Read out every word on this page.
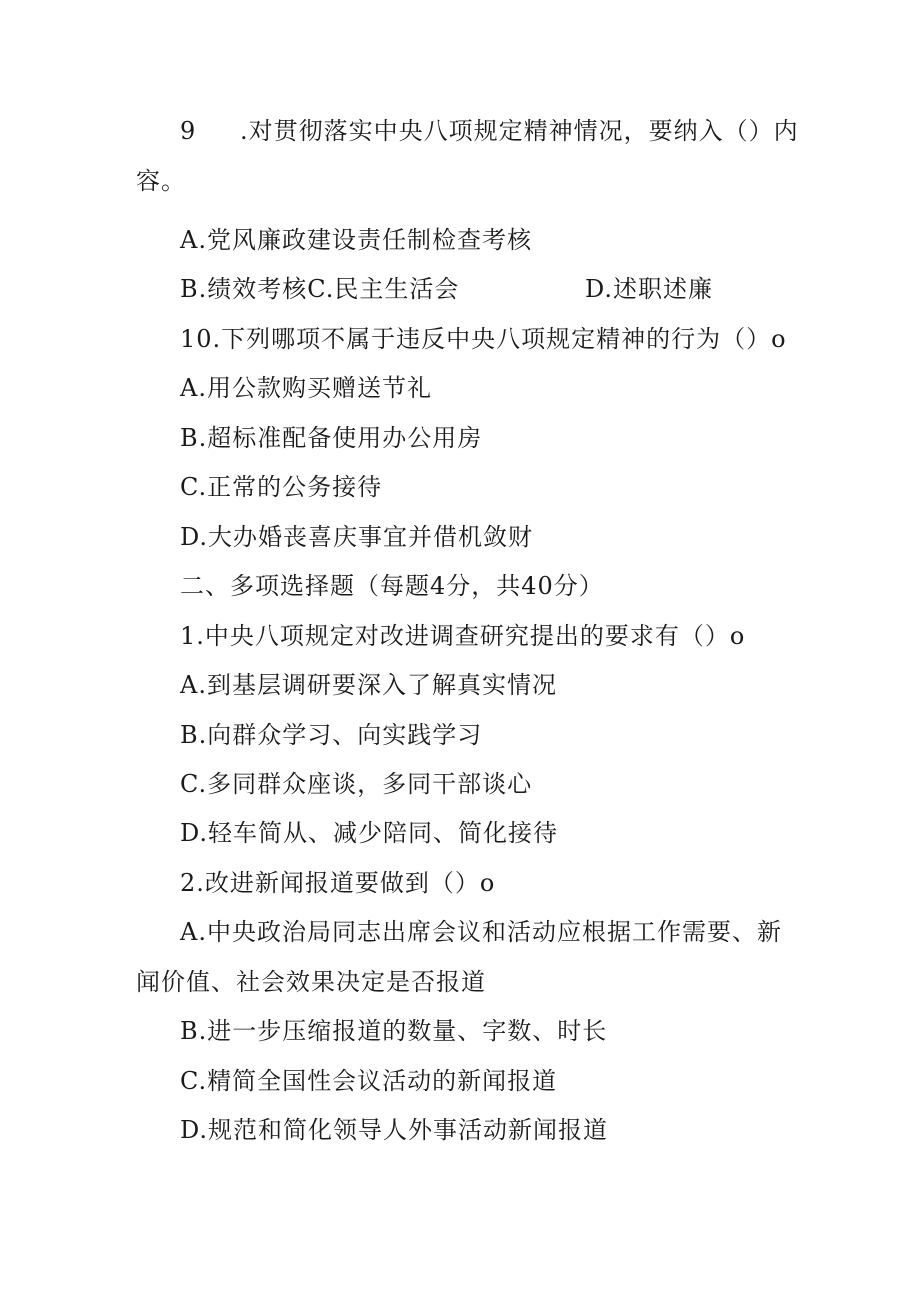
9 .对贯彻落实中央八项规定精神情况，要纳入（）内
容。
A.党风廉政建设责任制检查考核
B.绩效考核C.民主生活会	D.述职述廉
10.下列哪项不属于违反中央八项规定精神的行为（）o
A.用公款购买赠送节礼
B.超标准配备使用办公用房
C.正常的公务接待
D.大办婚丧喜庆事宜并借机敛财
二、多项选择题（每题4分，共40分）
1.中央八项规定对改进调查研究提出的要求有（）o
A.到基层调研要深入了解真实情况
B.向群众学习、向实践学习
C.多同群众座谈，多同干部谈心
D.轻车简从、减少陪同、简化接待
2.改进新闻报道要做到（）o
A.中央政治局同志出席会议和活动应根据工作需要、新
闻价值、社会效果决定是否报道
B.进一步压缩报道的数量、字数、时长
C.精简全国性会议活动的新闻报道
D.规范和简化领导人外事活动新闻报道
